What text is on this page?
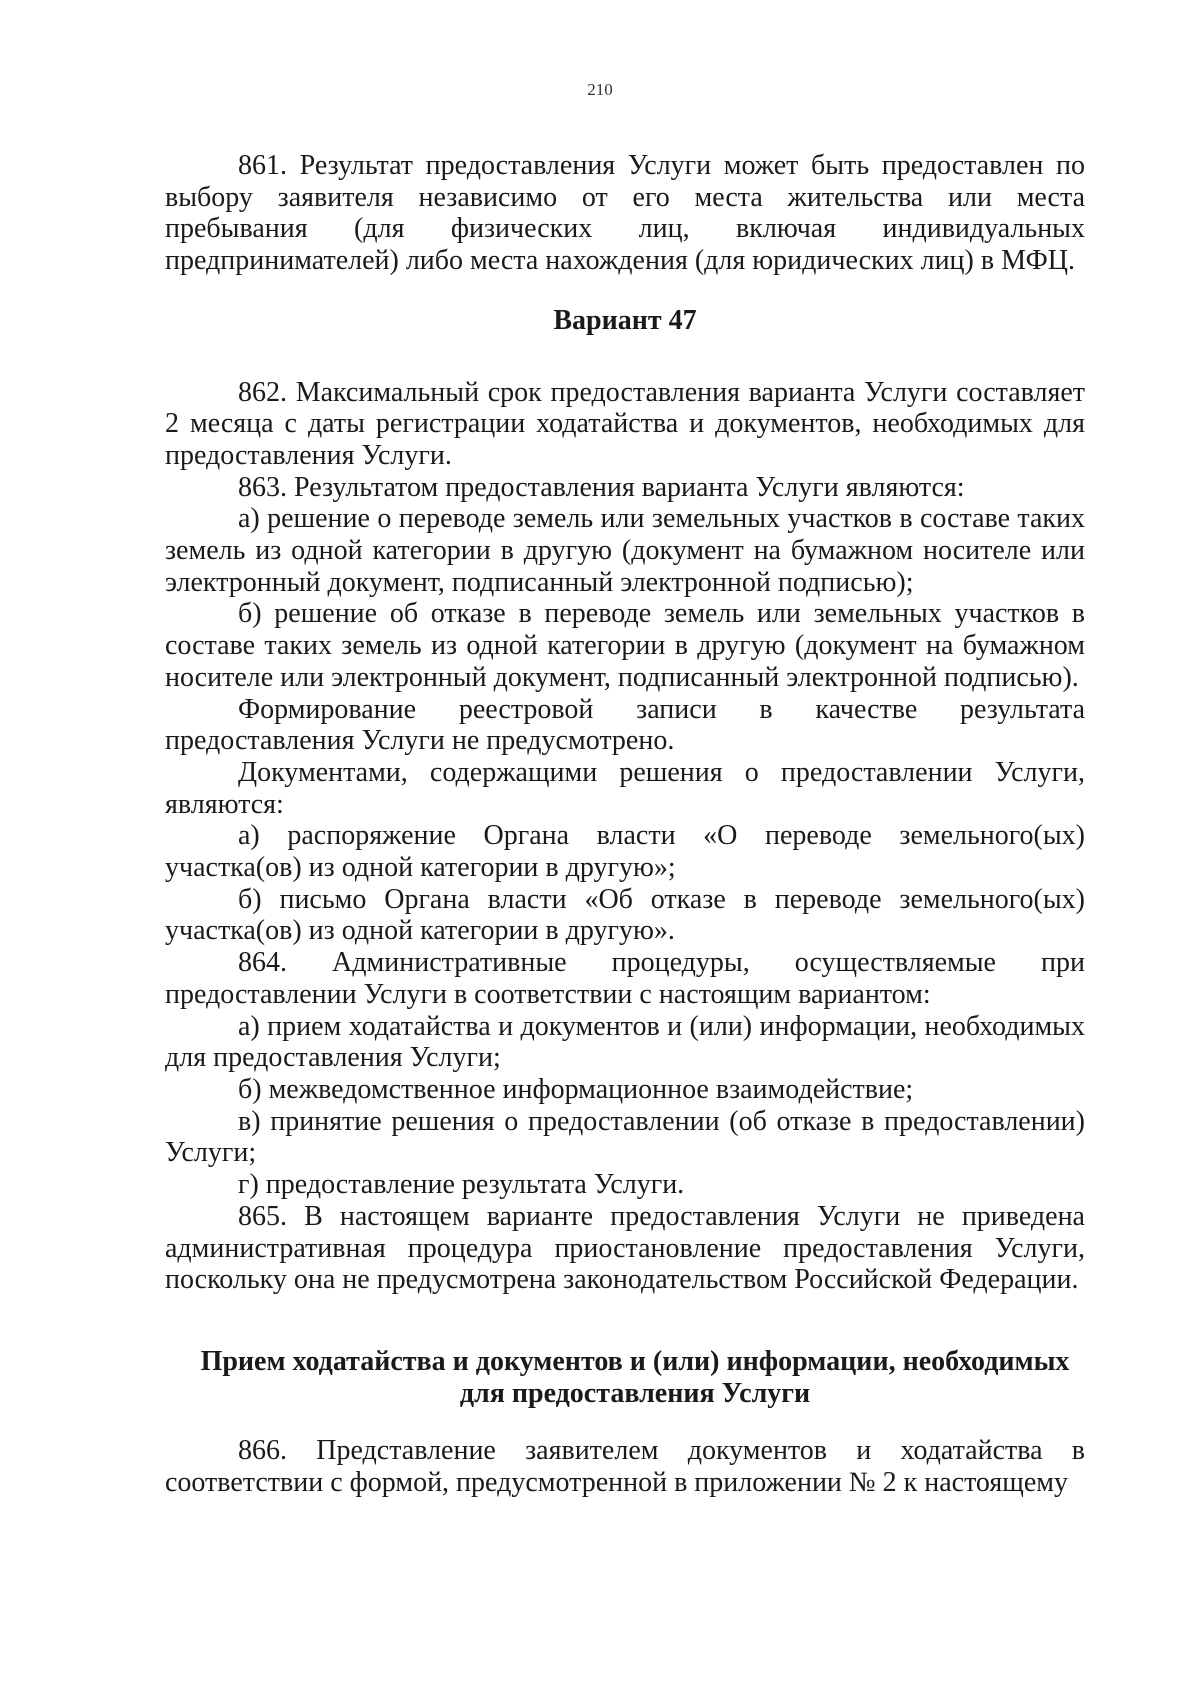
210

861. Результат предоставления Услуги может быть предоставлен по выбору заявителя независимо от его места жительства или места пребывания (для физических лиц, включая индивидуальных предпринимателей) либо места нахождения (для юридических лиц) в МФЦ.

Вариант 47

862. Максимальный срок предоставления варианта Услуги составляет 2 месяца с даты регистрации ходатайства и документов, необходимых для предоставления Услуги.

863. Результатом предоставления варианта Услуги являются:

а) решение о переводе земель или земельных участков в составе таких земель из одной категории в другую (документ на бумажном носителе или электронный документ, подписанный электронной подписью);

б) решение об отказе в переводе земель или земельных участков в составе таких земель из одной категории в другую (документ на бумажном носителе или электронный документ, подписанный электронной подписью).

Формирование реестровой записи в качестве результата предоставления Услуги не предусмотрено.

Документами, содержащими решения о предоставлении Услуги, являются:

а) распоряжение Органа власти «О переводе земельного(ых) участка(ов) из одной категории в другую»;

б) письмо Органа власти «Об отказе в переводе земельного(ых) участка(ов) из одной категории в другую».

864. Административные процедуры, осуществляемые при предоставлении Услуги в соответствии с настоящим вариантом:

а) прием ходатайства и документов и (или) информации, необходимых для предоставления Услуги;

б) межведомственное информационное взаимодействие;

в) принятие решения о предоставлении (об отказе в предоставлении) Услуги;

г) предоставление результата Услуги.

865. В настоящем варианте предоставления Услуги не приведена административная процедура приостановление предоставления Услуги, поскольку она не предусмотрена законодательством Российской Федерации.

Прием ходатайства и документов и (или) информации, необходимых
для предоставления Услуги

866. Представление заявителем документов и ходатайства в соответствии с формой, предусмотренной в приложении № 2 к настоящему
